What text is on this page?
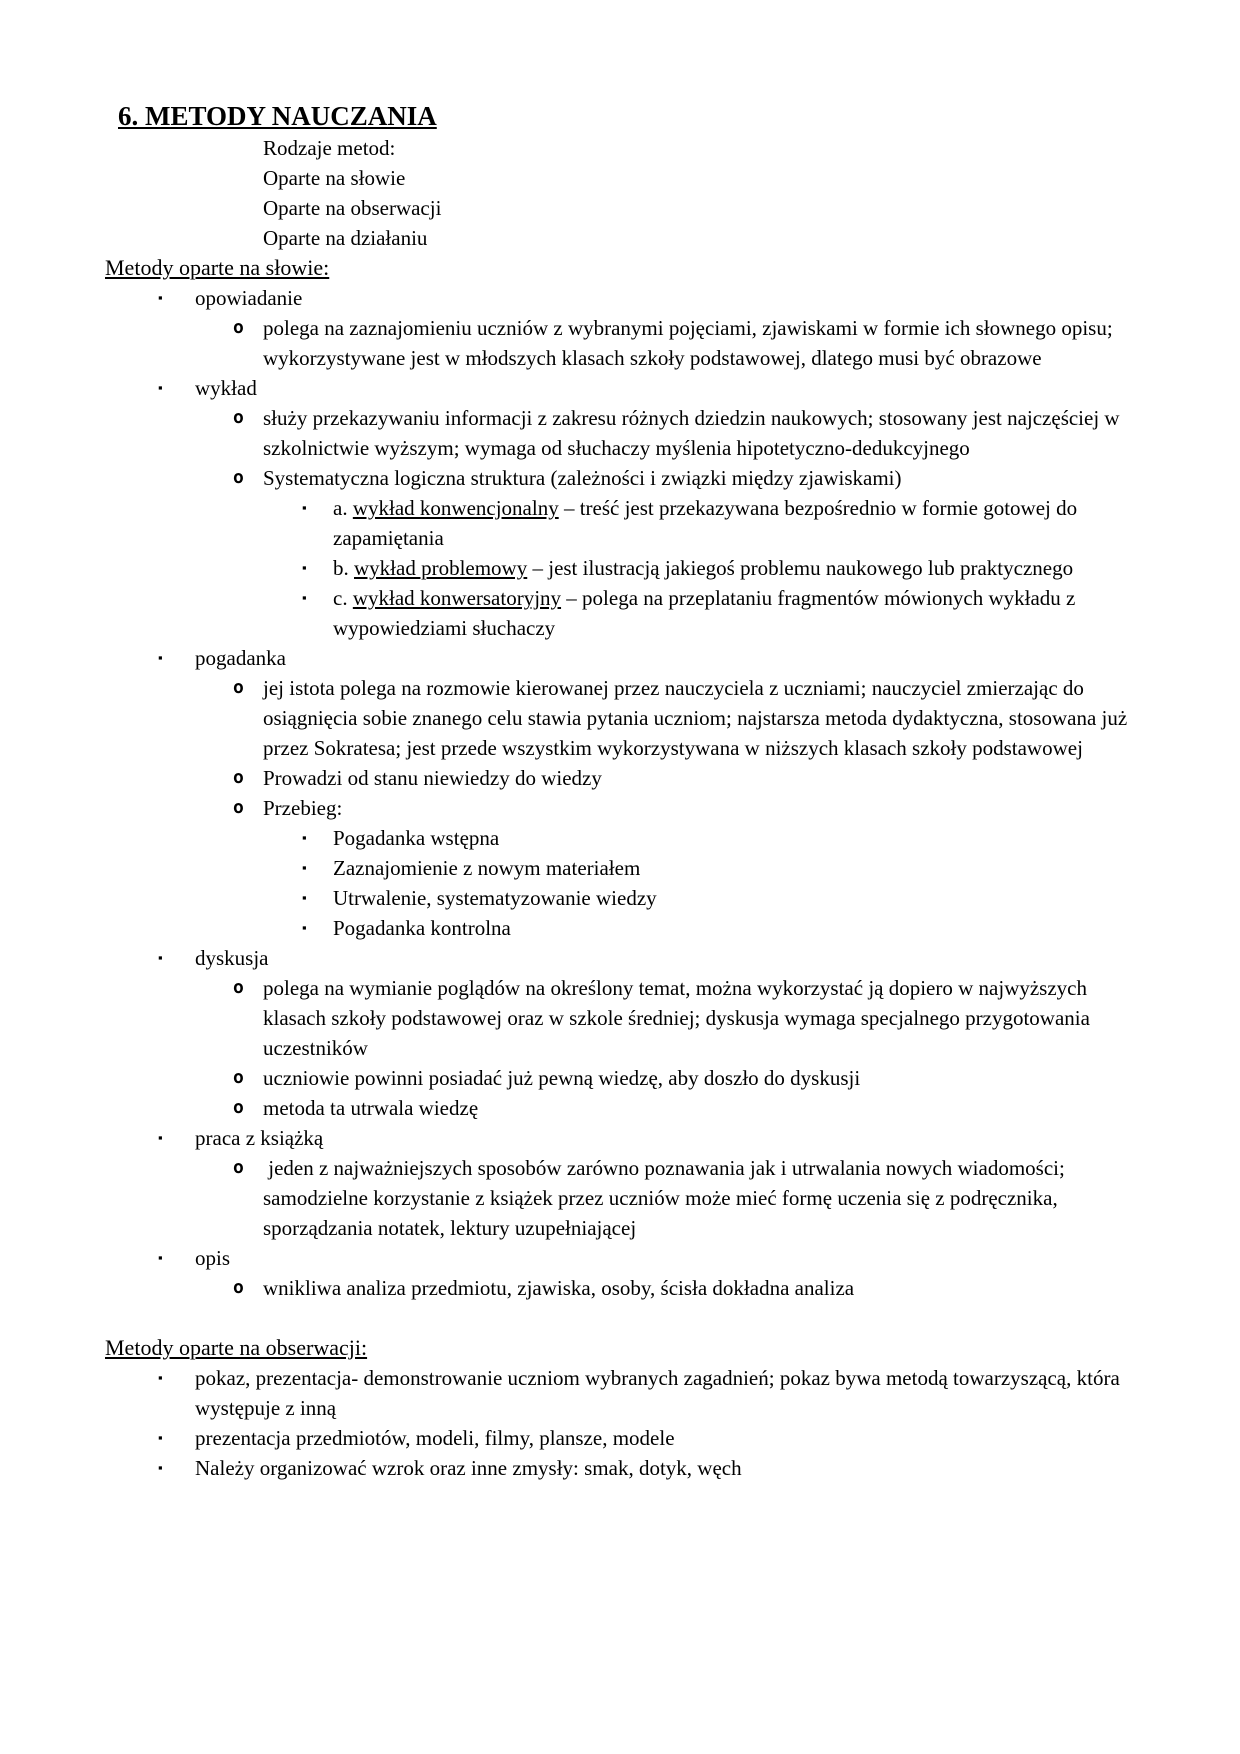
6. METODY NAUCZANIA
Rodzaje metod:
Oparte na słowie
Oparte na obserwacji
Oparte na działaniu
Metody oparte na słowie:
▪	opowiadanie
o polega na zaznajomieniu uczniów z wybranymi pojęciami, zjawiskami w formie ich słownego opisu; wykorzystywane jest w młodszych klasach szkoły podstawowej, dlatego musi być obrazowe
▪	wykład
o służy przekazywaniu informacji z zakresu różnych dziedzin naukowych; stosowany jest najczęściej w szkolnictwie wyższym; wymaga od słuchaczy myślenia hipotetyczno-dedukcyjnego
o Systematyczna logiczna struktura (zależności i związki między zjawiskami)
▪	a. wykład konwencjonalny – treść jest przekazywana bezpośrednio w formie gotowej do zapamiętania
▪	b. wykład problemowy – jest ilustracją jakiegoś problemu naukowego lub praktycznego
▪	c. wykład konwersatoryjny – polega na przeplataniu fragmentów mówionych wykładu z wypowiedziami słuchaczy
▪	pogadanka
o jej istota polega na rozmowie kierowanej przez nauczyciela z uczniami; nauczyciel zmierzając do osiągnięcia sobie znanego celu stawia pytania uczniom; najstarsza metoda dydaktyczna, stosowana już przez Sokratesa; jest przede wszystkim wykorzystywana w niższych klasach szkoły podstawowej
o Prowadzi od stanu niewiedzy do wiedzy
o Przebieg:
▪	Pogadanka wstępna
▪	Zaznajomienie z nowym materiałem
▪	Utrwalenie, systematyzowanie wiedzy
▪	Pogadanka kontrolna
▪	dyskusja
o polega na wymianie poglądów na określony temat, można wykorzystać ją dopiero w najwyższych klasach szkoły podstawowej oraz w szkole średniej; dyskusja wymaga specjalnego przygotowania uczestników
o uczniowie powinni posiadać już pewną wiedzę, aby doszło do dyskusji
o metoda ta utrwala wiedzę
▪	praca z książką
o jeden z najważniejszych sposobów zarówno poznawania jak i utrwalania nowych wiadomości; samodzielne korzystanie z książek przez uczniów może mieć formę uczenia się z podręcznika, sporządzania notatek, lektury uzupełniającej
▪	opis
o wnikliwa analiza przedmiotu, zjawiska, osoby, ścisła dokładna analiza
Metody oparte na obserwacji:
▪	pokaz, prezentacja- demonstrowanie uczniom wybranych zagadnień; pokaz bywa metodą towarzyszącą, która występuje z inną
▪	prezentacja przedmiotów, modeli, filmy, plansze, modele
▪	Należy organizować wzrok oraz inne zmysły: smak, dotyk, węch
